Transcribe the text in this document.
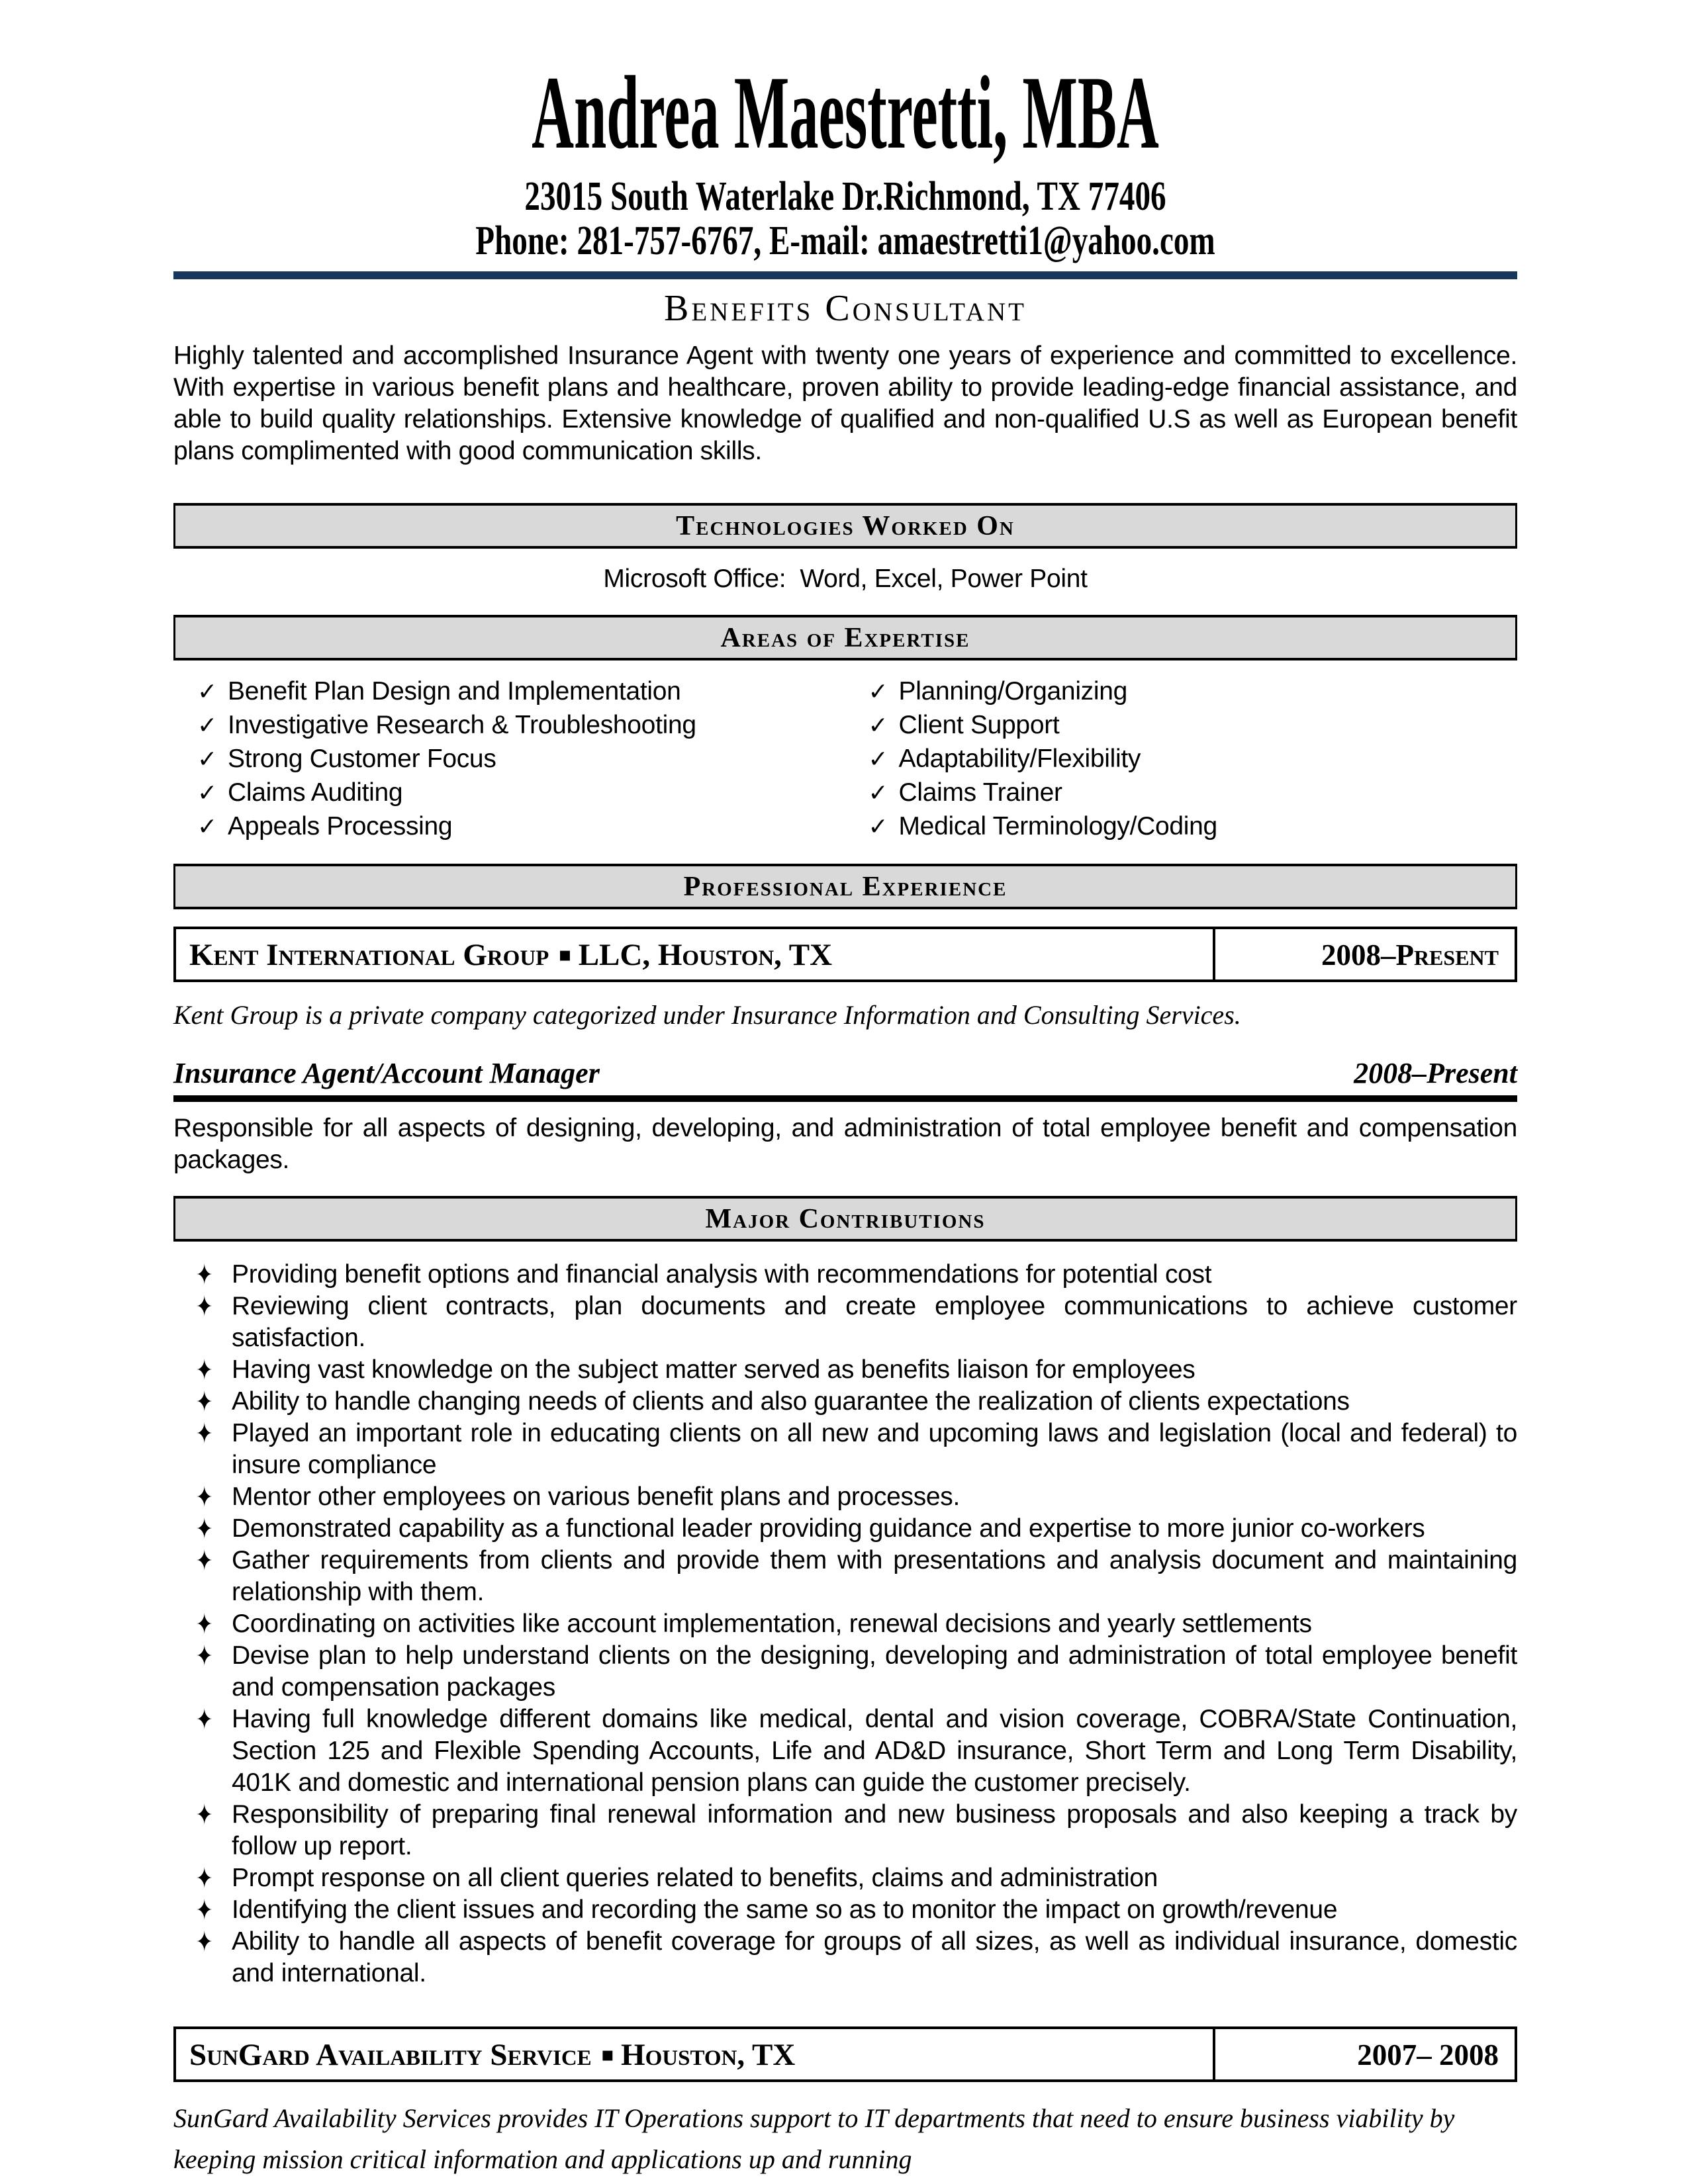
Andrea Maestretti, MBA
23015 South Waterlake Dr.Richmond, TX 77406
Phone: 281-757-6767, E-mail: amaestretti1@yahoo.com
Benefits Consultant
Highly talented and accomplished Insurance Agent with twenty one years of experience and committed to excellence. With expertise in various benefit plans and healthcare, proven ability to provide leading-edge financial assistance, and able to build quality relationships. Extensive knowledge of qualified and non-qualified U.S as well as European benefit plans complimented with good communication skills.
Technologies Worked On
Microsoft Office:  Word, Excel, Power Point
Areas of Expertise
✓ Benefit Plan Design and Implementation
✓ Investigative Research & Troubleshooting
✓ Strong Customer Focus
✓ Claims Auditing
✓ Appeals Processing
✓ Planning/Organizing
✓ Client Support
✓ Adaptability/Flexibility
✓ Claims Trainer
✓ Medical Terminology/Coding
Professional Experience
Kent International Group ▪ LLC, Houston, TX	2008–Present
Kent Group is a private company categorized under Insurance Information and Consulting Services.
Insurance Agent/Account Manager	2008–Present
Responsible for all aspects of designing, developing, and administration of total employee benefit and compensation packages.
Major Contributions
✦ Providing benefit options and financial analysis with recommendations for potential cost
✦ Reviewing client contracts, plan documents and create employee communications to achieve customer satisfaction.
✦ Having vast knowledge on the subject matter served as benefits liaison for employees
✦ Ability to handle changing needs of clients and also guarantee the realization of clients expectations
✦ Played an important role in educating clients on all new and upcoming laws and legislation (local and federal) to insure compliance
✦ Mentor other employees on various benefit plans and processes.
✦ Demonstrated capability as a functional leader providing guidance and expertise to more junior co-workers
✦ Gather requirements from clients and provide them with presentations and analysis document and maintaining relationship with them.
✦ Coordinating on activities like account implementation, renewal decisions and yearly settlements
✦ Devise plan to help understand clients on the designing, developing and administration of total employee benefit and compensation packages
✦ Having full knowledge different domains like medical, dental and vision coverage, COBRA/State Continuation, Section 125 and Flexible Spending Accounts, Life and AD&D insurance, Short Term and Long Term Disability, 401K and domestic and international pension plans can guide the customer precisely.
✦ Responsibility of preparing final renewal information and new business proposals and also keeping a track by follow up report.
✦ Prompt response on all client queries related to benefits, claims and administration
✦ Identifying the client issues and recording the same so as to monitor the impact on growth/revenue
✦ Ability to handle all aspects of benefit coverage for groups of all sizes, as well as individual insurance, domestic and international.
SunGard Availability Service ▪ Houston, TX	2007– 2008
SunGard Availability Services provides IT Operations support to IT departments that need to ensure business viability by keeping mission critical information and applications up and running
